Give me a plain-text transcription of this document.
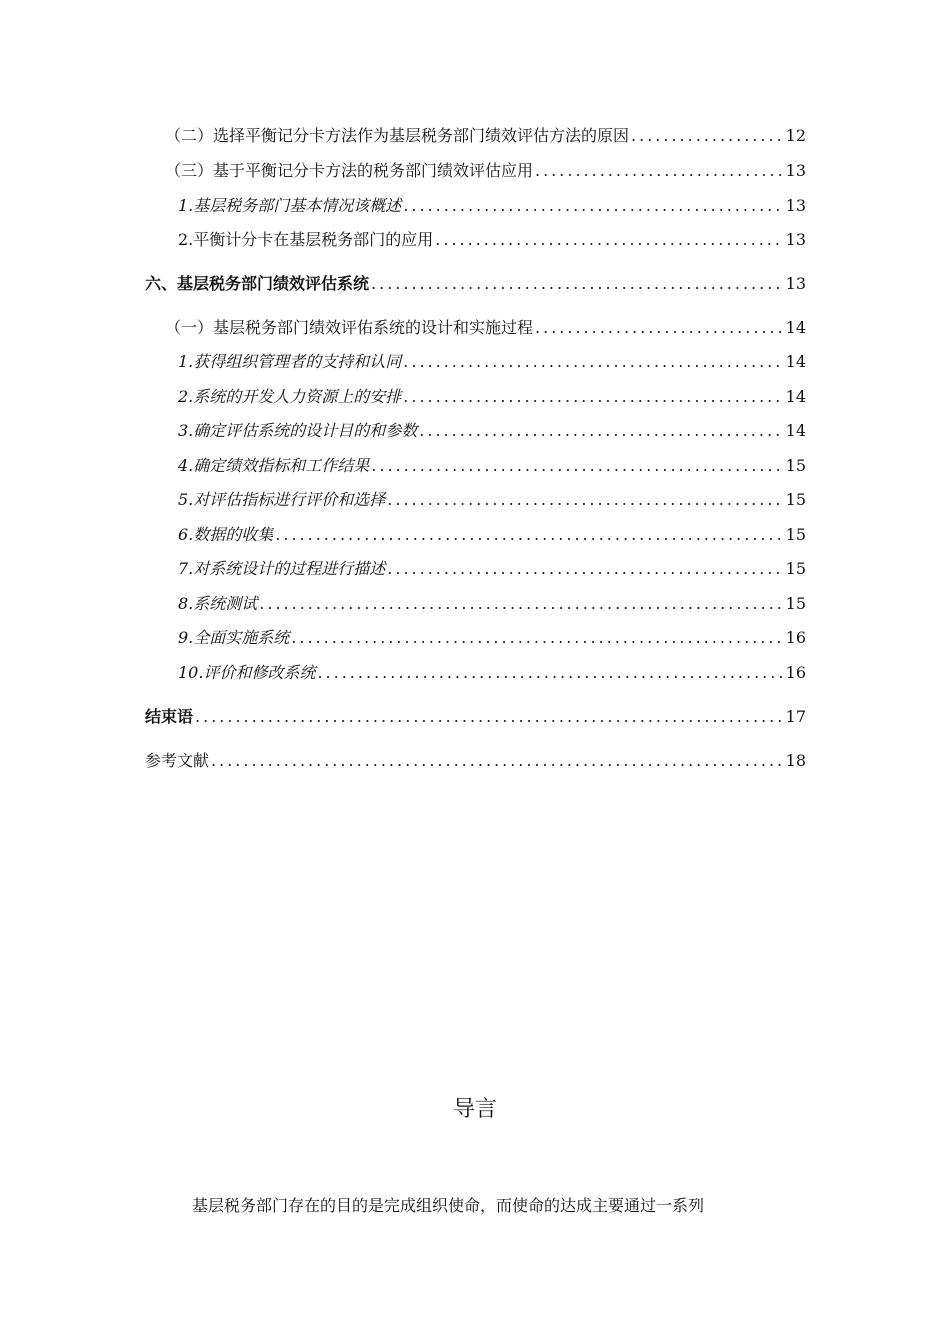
（二）选择平衡记分卡方法作为基层税务部门绩效评估方法的原因 .....	12
（三）基于平衡记分卡方法的税务部门绩效评估应用 .....	13
1.基层税务部门基本情况该概述 .....	13
2.平衡计分卡在基层税务部门的应用 .....	13
六、基层税务部门绩效评估系统 .....	13
（一）基层税务部门绩效评佑系统的设计和实施过程 .....	14
1.获得组织管理者的支持和认同 .....	14
2.系统的开发人力资源上的安排 .....	14
3.确定评估系统的设计目的和参数 .....	14
4.确定绩效指标和工作结果 .....	15
5.对评估指标进行评价和选择 .....	15
6.数据的收集 .....	15
7.对系统设计的过程进行描述 .....	15
8.系统测试 .....	15
9.全面实施系统 .....	16
10.评价和修改系统 .....	16
结束语 .....	17
参考文献 .....	18
导言
基层税务部门存在的目的是完成组织使命，而使命的达成主要通过一系列
